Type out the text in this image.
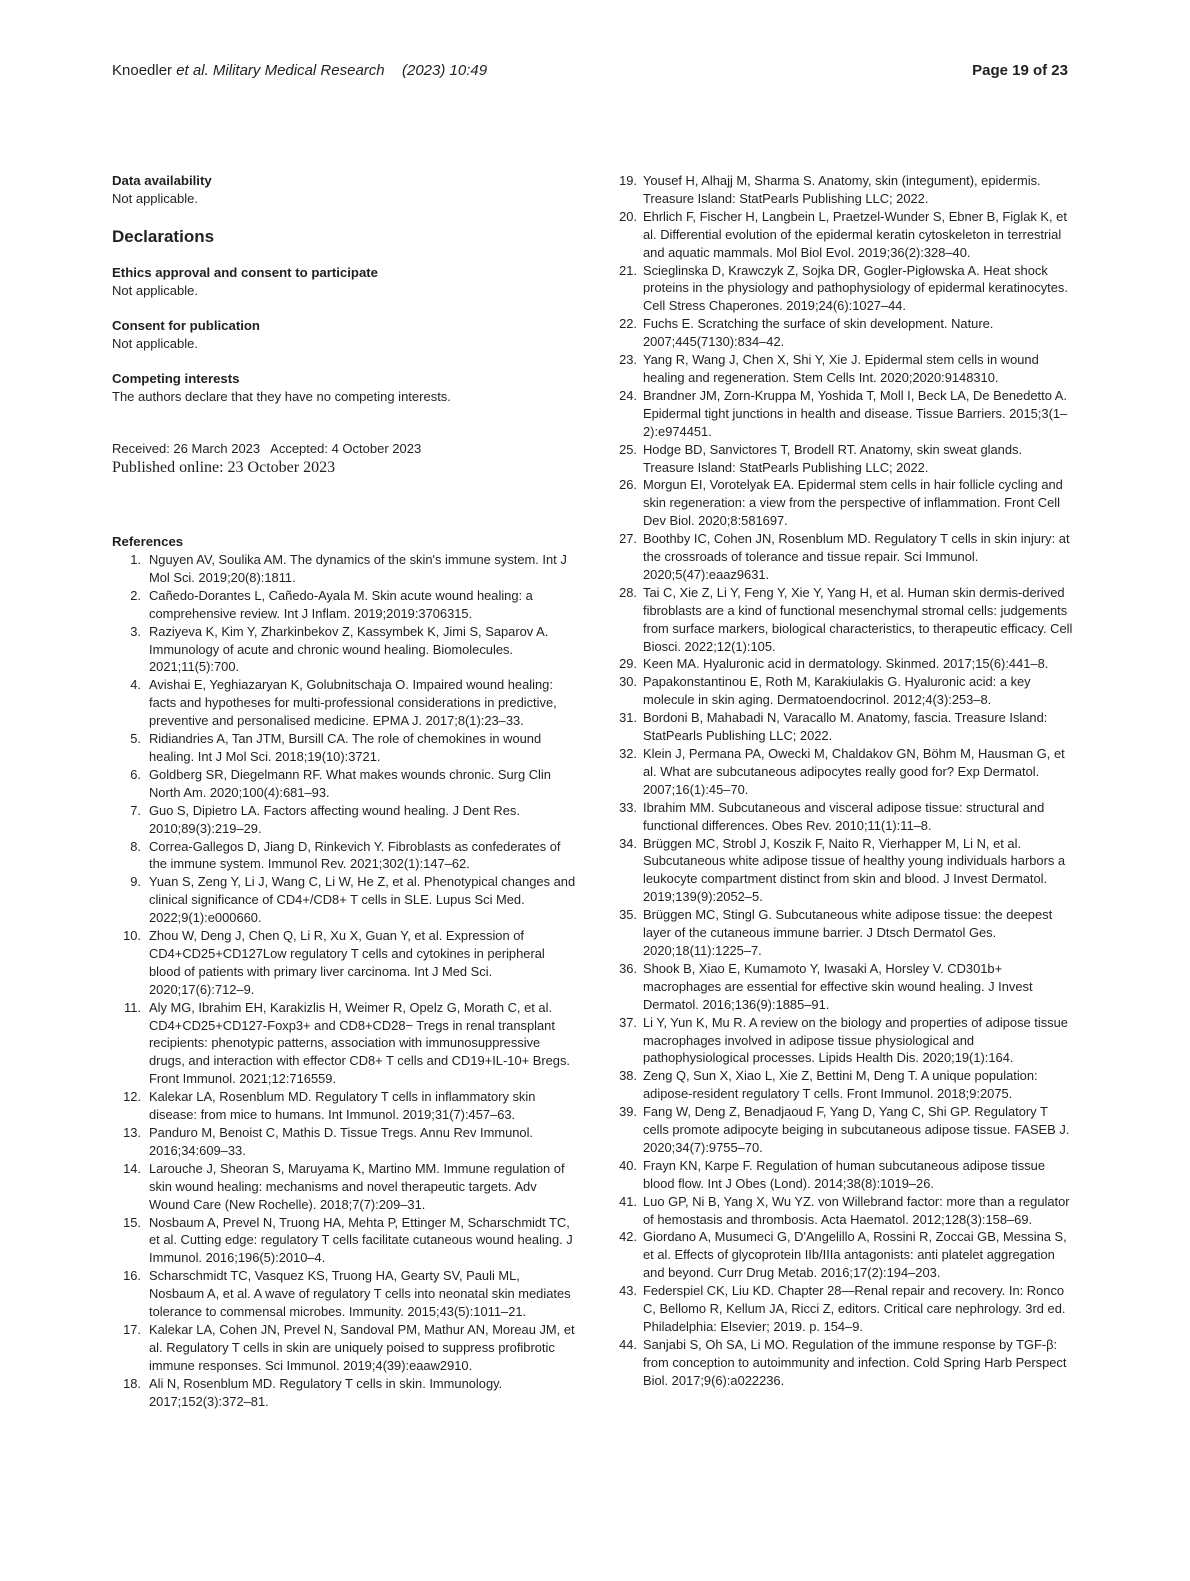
Knoedler et al. Military Medical Research (2023) 10:49	Page 19 of 23
Data availability
Not applicable.
Declarations
Ethics approval and consent to participate
Not applicable.
Consent for publication
Not applicable.
Competing interests
The authors declare that they have no competing interests.
Received: 26 March 2023 Accepted: 4 October 2023
Published online: 23 October 2023
References
1. Nguyen AV, Soulika AM. The dynamics of the skin's immune system. Int J Mol Sci. 2019;20(8):1811.
2. Cañedo-Dorantes L, Cañedo-Ayala M. Skin acute wound healing: a comprehensive review. Int J Inflam. 2019;2019:3706315.
3. Raziyeva K, Kim Y, Zharkinbekov Z, Kassymbek K, Jimi S, Saparov A. Immunology of acute and chronic wound healing. Biomolecules. 2021;11(5):700.
4. Avishai E, Yeghiazaryan K, Golubnitschaja O. Impaired wound healing: facts and hypotheses for multi-professional considerations in predictive, preventive and personalised medicine. EPMA J. 2017;8(1):23–33.
5. Ridiandries A, Tan JTM, Bursill CA. The role of chemokines in wound healing. Int J Mol Sci. 2018;19(10):3721.
6. Goldberg SR, Diegelmann RF. What makes wounds chronic. Surg Clin North Am. 2020;100(4):681–93.
7. Guo S, Dipietro LA. Factors affecting wound healing. J Dent Res. 2010;89(3):219–29.
8. Correa-Gallegos D, Jiang D, Rinkevich Y. Fibroblasts as confederates of the immune system. Immunol Rev. 2021;302(1):147–62.
9. Yuan S, Zeng Y, Li J, Wang C, Li W, He Z, et al. Phenotypical changes and clinical significance of CD4+/CD8+ T cells in SLE. Lupus Sci Med. 2022;9(1):e000660.
10. Zhou W, Deng J, Chen Q, Li R, Xu X, Guan Y, et al. Expression of CD4+CD25+CD127Low regulatory T cells and cytokines in peripheral blood of patients with primary liver carcinoma. Int J Med Sci. 2020;17(6):712–9.
11. Aly MG, Ibrahim EH, Karakizlis H, Weimer R, Opelz G, Morath C, et al. CD4+CD25+CD127-Foxp3+ and CD8+CD28− Tregs in renal transplant recipients: phenotypic patterns, association with immunosuppressive drugs, and interaction with effector CD8+ T cells and CD19+IL-10+ Bregs. Front Immunol. 2021;12:716559.
12. Kalekar LA, Rosenblum MD. Regulatory T cells in inflammatory skin disease: from mice to humans. Int Immunol. 2019;31(7):457–63.
13. Panduro M, Benoist C, Mathis D. Tissue Tregs. Annu Rev Immunol. 2016;34:609–33.
14. Larouche J, Sheoran S, Maruyama K, Martino MM. Immune regulation of skin wound healing: mechanisms and novel therapeutic targets. Adv Wound Care (New Rochelle). 2018;7(7):209–31.
15. Nosbaum A, Prevel N, Truong HA, Mehta P, Ettinger M, Scharschmidt TC, et al. Cutting edge: regulatory T cells facilitate cutaneous wound healing. J Immunol. 2016;196(5):2010–4.
16. Scharschmidt TC, Vasquez KS, Truong HA, Gearty SV, Pauli ML, Nosbaum A, et al. A wave of regulatory T cells into neonatal skin mediates tolerance to commensal microbes. Immunity. 2015;43(5):1011–21.
17. Kalekar LA, Cohen JN, Prevel N, Sandoval PM, Mathur AN, Moreau JM, et al. Regulatory T cells in skin are uniquely poised to suppress profibrotic immune responses. Sci Immunol. 2019;4(39):eaaw2910.
18. Ali N, Rosenblum MD. Regulatory T cells in skin. Immunology. 2017;152(3):372–81.
19. Yousef H, Alhajj M, Sharma S. Anatomy, skin (integument), epidermis. Treasure Island: StatPearls Publishing LLC; 2022.
20. Ehrlich F, Fischer H, Langbein L, Praetzel-Wunder S, Ebner B, Figlak K, et al. Differential evolution of the epidermal keratin cytoskeleton in terrestrial and aquatic mammals. Mol Biol Evol. 2019;36(2):328–40.
21. Scieglinska D, Krawczyk Z, Sojka DR, Gogler-Pigłowska A. Heat shock proteins in the physiology and pathophysiology of epidermal keratinocytes. Cell Stress Chaperones. 2019;24(6):1027–44.
22. Fuchs E. Scratching the surface of skin development. Nature. 2007;445(7130):834–42.
23. Yang R, Wang J, Chen X, Shi Y, Xie J. Epidermal stem cells in wound healing and regeneration. Stem Cells Int. 2020;2020:9148310.
24. Brandner JM, Zorn-Kruppa M, Yoshida T, Moll I, Beck LA, De Benedetto A. Epidermal tight junctions in health and disease. Tissue Barriers. 2015;3(1–2):e974451.
25. Hodge BD, Sanvictores T, Brodell RT. Anatomy, skin sweat glands. Treasure Island: StatPearls Publishing LLC; 2022.
26. Morgun EI, Vorotelyak EA. Epidermal stem cells in hair follicle cycling and skin regeneration: a view from the perspective of inflammation. Front Cell Dev Biol. 2020;8:581697.
27. Boothby IC, Cohen JN, Rosenblum MD. Regulatory T cells in skin injury: at the crossroads of tolerance and tissue repair. Sci Immunol. 2020;5(47):eaaz9631.
28. Tai C, Xie Z, Li Y, Feng Y, Xie Y, Yang H, et al. Human skin dermis-derived fibroblasts are a kind of functional mesenchymal stromal cells: judgements from surface markers, biological characteristics, to therapeutic efficacy. Cell Biosci. 2022;12(1):105.
29. Keen MA. Hyaluronic acid in dermatology. Skinmed. 2017;15(6):441–8.
30. Papakonstantinou E, Roth M, Karakiulakis G. Hyaluronic acid: a key molecule in skin aging. Dermatoendocrinol. 2012;4(3):253–8.
31. Bordoni B, Mahabadi N, Varacallo M. Anatomy, fascia. Treasure Island: StatPearls Publishing LLC; 2022.
32. Klein J, Permana PA, Owecki M, Chaldakov GN, Böhm M, Hausman G, et al. What are subcutaneous adipocytes really good for? Exp Dermatol. 2007;16(1):45–70.
33. Ibrahim MM. Subcutaneous and visceral adipose tissue: structural and functional differences. Obes Rev. 2010;11(1):11–8.
34. Brüggen MC, Strobl J, Koszik F, Naito R, Vierhapper M, Li N, et al. Subcutaneous white adipose tissue of healthy young individuals harbors a leukocyte compartment distinct from skin and blood. J Invest Dermatol. 2019;139(9):2052–5.
35. Brüggen MC, Stingl G. Subcutaneous white adipose tissue: the deepest layer of the cutaneous immune barrier. J Dtsch Dermatol Ges. 2020;18(11):1225–7.
36. Shook B, Xiao E, Kumamoto Y, Iwasaki A, Horsley V. CD301b+ macrophages are essential for effective skin wound healing. J Invest Dermatol. 2016;136(9):1885–91.
37. Li Y, Yun K, Mu R. A review on the biology and properties of adipose tissue macrophages involved in adipose tissue physiological and pathophysiological processes. Lipids Health Dis. 2020;19(1):164.
38. Zeng Q, Sun X, Xiao L, Xie Z, Bettini M, Deng T. A unique population: adipose-resident regulatory T cells. Front Immunol. 2018;9:2075.
39. Fang W, Deng Z, Benadjaoud F, Yang D, Yang C, Shi GP. Regulatory T cells promote adipocyte beiging in subcutaneous adipose tissue. FASEB J. 2020;34(7):9755–70.
40. Frayn KN, Karpe F. Regulation of human subcutaneous adipose tissue blood flow. Int J Obes (Lond). 2014;38(8):1019–26.
41. Luo GP, Ni B, Yang X, Wu YZ. von Willebrand factor: more than a regulator of hemostasis and thrombosis. Acta Haematol. 2012;128(3):158–69.
42. Giordano A, Musumeci G, D'Angelillo A, Rossini R, Zoccai GB, Messina S, et al. Effects of glycoprotein IIb/IIIa antagonists: anti platelet aggregation and beyond. Curr Drug Metab. 2016;17(2):194–203.
43. Federspiel CK, Liu KD. Chapter 28—Renal repair and recovery. In: Ronco C, Bellomo R, Kellum JA, Ricci Z, editors. Critical care nephrology. 3rd ed. Philadelphia: Elsevier; 2019. p. 154–9.
44. Sanjabi S, Oh SA, Li MO. Regulation of the immune response by TGF-β: from conception to autoimmunity and infection. Cold Spring Harb Perspect Biol. 2017;9(6):a022236.
